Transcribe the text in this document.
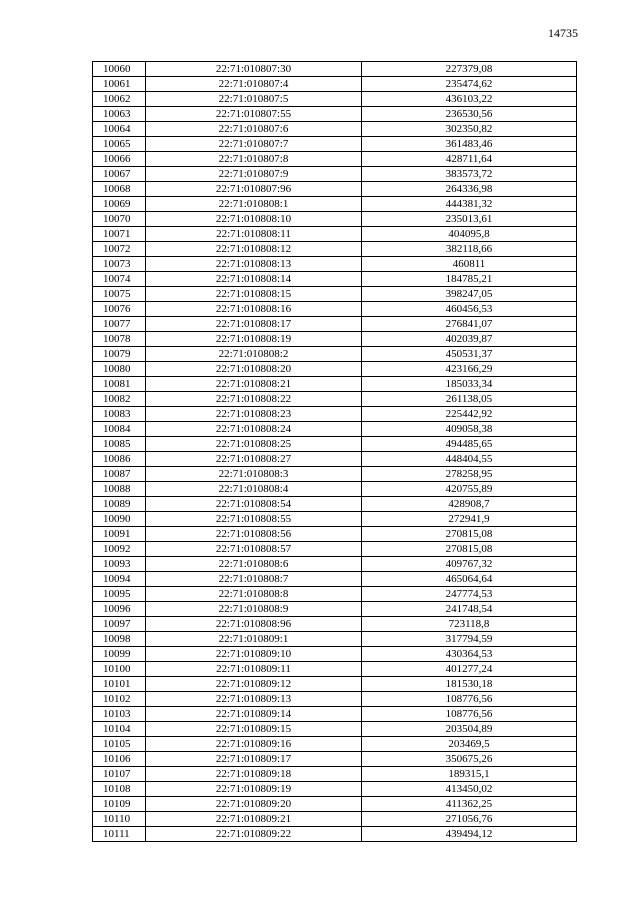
14735
10060	22:71:010807:30	227379,08
10061	22:71:010807:4	235474,62
10062	22:71:010807:5	436103,22
10063	22:71:010807:55	236530,56
10064	22:71:010807:6	302350,82
10065	22:71:010807:7	361483,46
10066	22:71:010807:8	428711,64
10067	22:71:010807:9	383573,72
10068	22:71:010807:96	264336,98
10069	22:71:010808:1	444381,32
10070	22:71:010808:10	235013,61
10071	22:71:010808:11	404095,8
10072	22:71:010808:12	382118,66
10073	22:71:010808:13	460811
10074	22:71:010808:14	184785,21
10075	22:71:010808:15	398247,05
10076	22:71:010808:16	460456,53
10077	22:71:010808:17	276841,07
10078	22:71:010808:19	402039,87
10079	22:71:010808:2	450531,37
10080	22:71:010808:20	423166,29
10081	22:71:010808:21	185033,34
10082	22:71:010808:22	261138,05
10083	22:71:010808:23	225442,92
10084	22:71:010808:24	409058,38
10085	22:71:010808:25	494485,65
10086	22:71:010808:27	448404,55
10087	22:71:010808:3	278258,95
10088	22:71:010808:4	420755,89
10089	22:71:010808:54	428908,7
10090	22:71:010808:55	272941,9
10091	22:71:010808:56	270815,08
10092	22:71:010808:57	270815,08
10093	22:71:010808:6	409767,32
10094	22:71:010808:7	465064,64
10095	22:71:010808:8	247774,53
10096	22:71:010808:9	241748,54
10097	22:71:010808:96	723118,8
10098	22:71:010809:1	317794,59
10099	22:71:010809:10	430364,53
10100	22:71:010809:11	401277,24
10101	22:71:010809:12	181530,18
10102	22:71:010809:13	108776,56
10103	22:71:010809:14	108776,56
10104	22:71:010809:15	203504,89
10105	22:71:010809:16	203469,5
10106	22:71:010809:17	350675,26
10107	22:71:010809:18	189315,1
10108	22:71:010809:19	413450,02
10109	22:71:010809:20	411362,25
10110	22:71:010809:21	271056,76
10111	22:71:010809:22	439494,12
